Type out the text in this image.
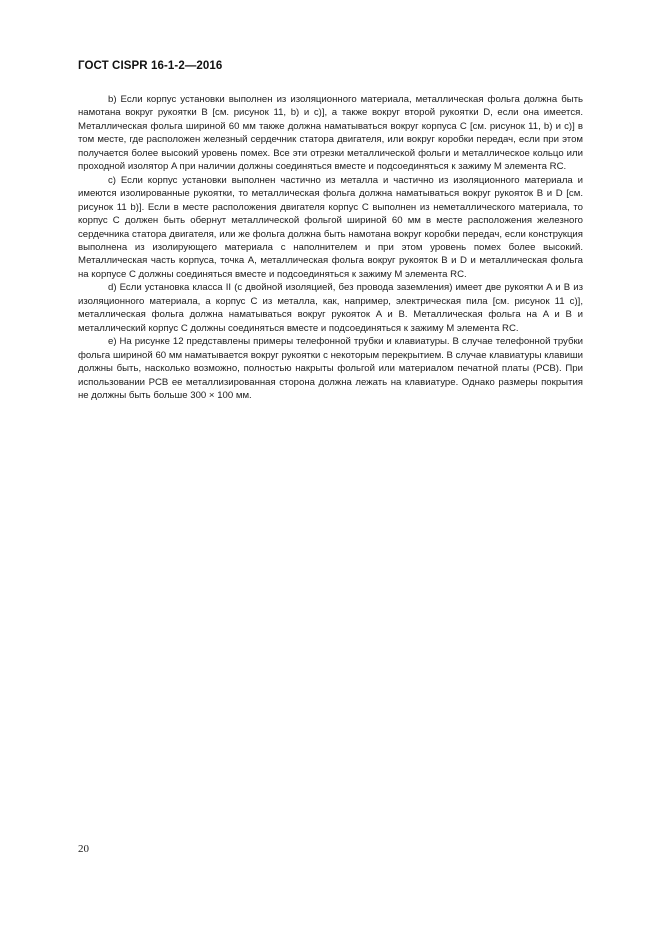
ГОСТ CISPR 16-1-2—2016

b) Если корпус установки выполнен из изоляционного материала, металлическая фольга должна быть намотана вокруг рукоятки B [см. рисунок 11, b) и c)], а также вокруг второй рукоятки D, если она имеется. Металлическая фольга шириной 60 мм также должна наматываться вокруг корпуса C [см. рисунок 11, b) и c)] в том месте, где расположен железный сердечник статора двигателя, или вокруг коробки передач, если при этом получается более высокий уровень помех. Все эти отрезки металлической фольги и металлическое кольцо или проходной изолятор A при наличии должны соединяться вместе и подсоединяться к зажиму M элемента RC.

c) Если корпус установки выполнен частично из металла и частично из изоляционного материала и имеются изолированные рукоятки, то металлическая фольга должна наматываться вокруг рукояток B и D [см. рисунок 11 b)]. Если в месте расположения двигателя корпус C выполнен из неметаллического материала, то корпус C должен быть обернут металлической фольгой шириной 60 мм в месте расположения железного сердечника статора двигателя, или же фольга должна быть намотана вокруг коробки передач, если конструкция выполнена из изолирующего материала с наполнителем и при этом уровень помех более высокий. Металлическая часть корпуса, точка A, металлическая фольга вокруг рукояток B и D и металлическая фольга на корпусе C должны соединяться вместе и подсоединяться к зажиму M элемента RC.

d) Если установка класса II (с двойной изоляцией, без провода заземления) имеет две рукоятки A и B из изоляционного материала, а корпус C из металла, как, например, электрическая пила [см. рисунок 11 c)], металлическая фольга должна наматываться вокруг рукояток A и B. Металлическая фольга на A и B и металлический корпус C должны соединяться вместе и подсоединяться к зажиму M элемента RC.

e) На рисунке 12 представлены примеры телефонной трубки и клавиатуры. В случае телефонной трубки фольга шириной 60 мм наматывается вокруг рукоятки с некоторым перекрытием. В случае клавиатуры клавиши должны быть, насколько возможно, полностью накрыты фольгой или материалом печатной платы (PCB). При использовании PCB ее металлизированная сторона должна лежать на клавиатуре. Однако размеры покрытия не должны быть больше 300 × 100 мм.

20
